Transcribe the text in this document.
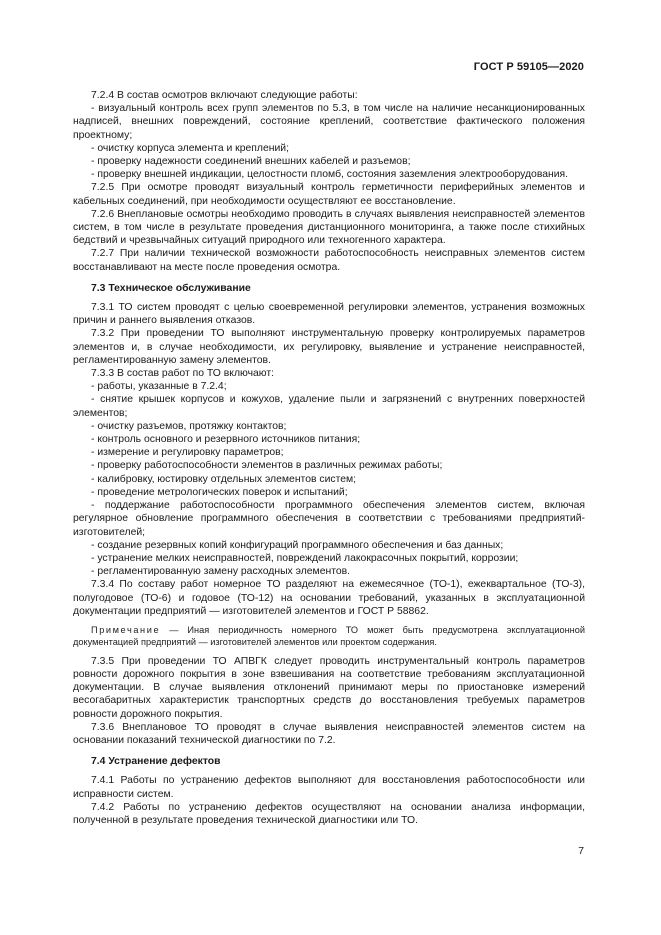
ГОСТ Р 59105—2020
7.2.4 В состав осмотров включают следующие работы:
- визуальный контроль всех групп элементов по 5.3, в том числе на наличие несанкционированных надписей, внешних повреждений, состояние креплений, соответствие фактического положения проектному;
- очистку корпуса элемента и креплений;
- проверку надежности соединений внешних кабелей и разъемов;
- проверку внешней индикации, целостности пломб, состояния заземления электрооборудования.
7.2.5 При осмотре проводят визуальный контроль герметичности периферийных элементов и кабельных соединений, при необходимости осуществляют ее восстановление.
7.2.6 Внеплановые осмотры необходимо проводить в случаях выявления неисправностей элементов систем, в том числе в результате проведения дистанционного мониторинга, а также после стихийных бедствий и чрезвычайных ситуаций природного или техногенного характера.
7.2.7 При наличии технической возможности работоспособность неисправных элементов систем восстанавливают на месте после проведения осмотра.
7.3 Техническое обслуживание
7.3.1 ТО систем проводят с целью своевременной регулировки элементов, устранения возможных причин и раннего выявления отказов.
7.3.2 При проведении ТО выполняют инструментальную проверку контролируемых параметров элементов и, в случае необходимости, их регулировку, выявление и устранение неисправностей, регламентированную замену элементов.
7.3.3 В состав работ по ТО включают:
- работы, указанные в 7.2.4;
- снятие крышек корпусов и кожухов, удаление пыли и загрязнений с внутренних поверхностей элементов;
- очистку разъемов, протяжку контактов;
- контроль основного и резервного источников питания;
- измерение и регулировку параметров;
- проверку работоспособности элементов в различных режимах работы;
- калибровку, юстировку отдельных элементов систем;
- проведение метрологических поверок и испытаний;
- поддержание работоспособности программного обеспечения элементов систем, включая регулярное обновление программного обеспечения в соответствии с требованиями предприятий-изготовителей;
- создание резервных копий конфигураций программного обеспечения и баз данных;
- устранение мелких неисправностей, повреждений лакокрасочных покрытий, коррозии;
- регламентированную замену расходных элементов.
7.3.4 По составу работ номерное ТО разделяют на ежемесячное (ТО-1), ежеквартальное (ТО-3), полугодовое (ТО-6) и годовое (ТО-12) на основании требований, указанных в эксплуатационной документации предприятий — изготовителей элементов и ГОСТ Р 58862.
Примечание — Иная периодичность номерного ТО может быть предусмотрена эксплуатационной документацией предприятий — изготовителей элементов или проектом содержания.
7.3.5 При проведении ТО АПВГК следует проводить инструментальный контроль параметров ровности дорожного покрытия в зоне взвешивания на соответствие требованиям эксплуатационной документации. В случае выявления отклонений принимают меры по приостановке измерений весогабаритных характеристик транспортных средств до восстановления требуемых параметров ровности дорожного покрытия.
7.3.6 Внеплановое ТО проводят в случае выявления неисправностей элементов систем на основании показаний технической диагностики по 7.2.
7.4 Устранение дефектов
7.4.1 Работы по устранению дефектов выполняют для восстановления работоспособности или исправности систем.
7.4.2 Работы по устранению дефектов осуществляют на основании анализа информации, полученной в результате проведения технической диагностики или ТО.
7
